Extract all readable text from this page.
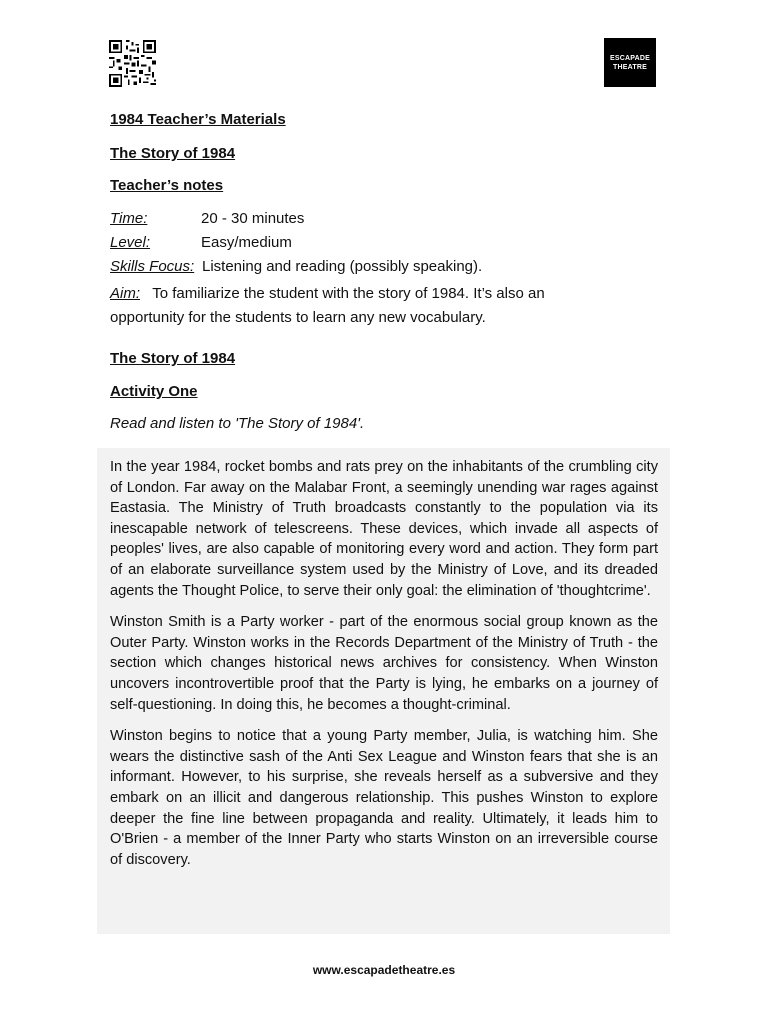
ESCAPADE
THEATRE
1984 Teacher’s Materials
The Story of 1984
Teacher’s notes
Time:	20 - 30 minutes
Level:	Easy/medium
Skills Focus: Listening and reading (possibly speaking).
Aim: To familiarize the student with the story of 1984. It’s also an opportunity for the students to learn any new vocabulary.
The Story of 1984
Activity One
Read and listen to 'The Story of 1984'.

In the year 1984, rocket bombs and rats prey on the inhabitants of the crumbling city of London. Far away on the Malabar Front, a seemingly unending war rages against Eastasia. The Ministry of Truth broadcasts constantly to the population via its inescapable network of telescreens. These devices, which invade all aspects of peoples' lives, are also capable of monitoring every word and action. They form part of an elaborate surveillance system used by the Ministry of Love, and its dreaded agents the Thought Police, to serve their only goal: the elimination of 'thoughtcrime'.

Winston Smith is a Party worker - part of the enormous social group known as the Outer Party. Winston works in the Records Department of the Ministry of Truth - the section which changes historical news archives for consistency. When Winston uncovers incontrovertible proof that the Party is lying, he embarks on a journey of self-questioning. In doing this, he becomes a thought-criminal.

Winston begins to notice that a young Party member, Julia, is watching him. She wears the distinctive sash of the Anti Sex League and Winston fears that she is an informant. However, to his surprise, she reveals herself as a subversive and they embark on an illicit and dangerous relationship. This pushes Winston to explore deeper the fine line between propaganda and reality. Ultimately, it leads him to O'Brien - a member of the Inner Party who starts Winston on an irreversible course of discovery.

www.escapadetheatre.es
